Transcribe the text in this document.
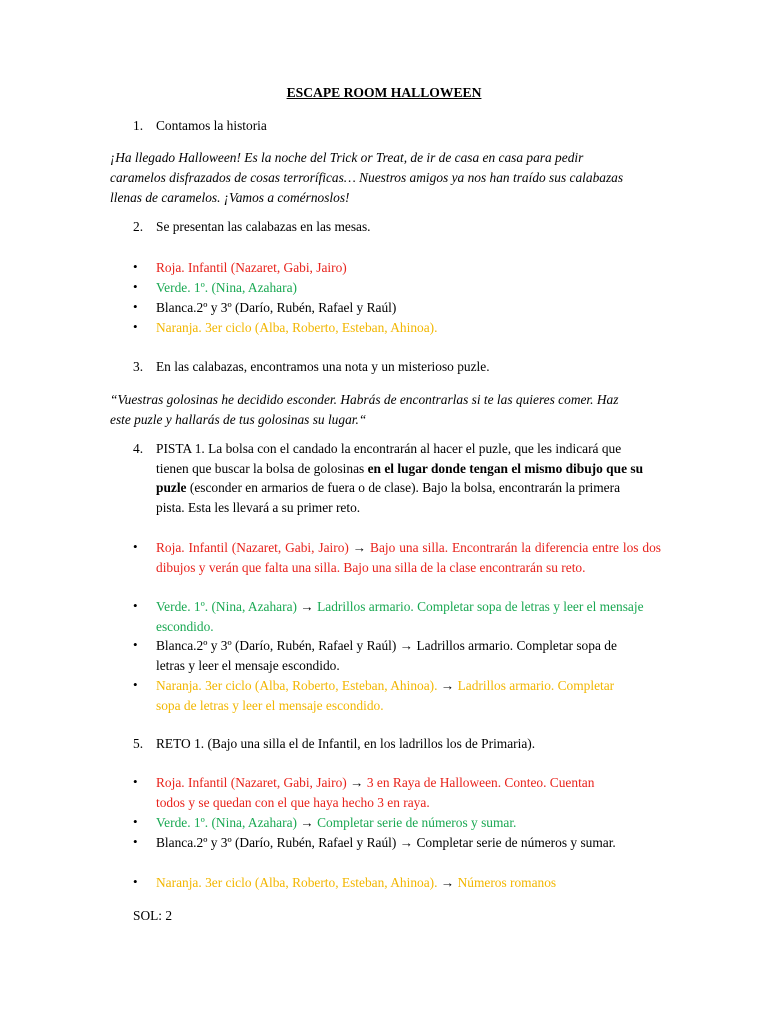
ESCAPE ROOM HALLOWEEN
1. Contamos la historia
¡Ha llegado Halloween! Es la noche del Trick or Treat, de ir de casa en casa para pedir caramelos disfrazados de cosas terroríficas… Nuestros amigos ya nos han traído sus calabazas llenas de caramelos. ¡Vamos a comérnoslos!
2. Se presentan las calabazas en las mesas.
• Roja. Infantil (Nazaret, Gabi, Jairo)
• Verde. 1º. (Nina, Azahara)
• Blanca.2º y 3º (Darío, Rubén, Rafael y Raúl)
• Naranja. 3er ciclo (Alba, Roberto, Esteban, Ahinoa).
3. En las calabazas, encontramos una nota y un misterioso puzle.
“Vuestras golosinas he decidido esconder. Habrás de encontrarlas si te las quieres comer. Haz este puzle y hallarás de tus golosinas su lugar.“
4. PISTA 1. La bolsa con el candado la encontrarán al hacer el puzle, que les indicará que tienen que buscar la bolsa de golosinas en el lugar donde tengan el mismo dibujo que su puzle (esconder en armarios de fuera o de clase). Bajo la bolsa, encontrarán la primera pista. Esta les llevará a su primer reto.
• Roja. Infantil (Nazaret, Gabi, Jairo) → Bajo una silla. Encontrarán la diferencia entre los dos dibujos y verán que falta una silla. Bajo una silla de la clase encontrarán su reto.
• Verde. 1º. (Nina, Azahara) → Ladrillos armario. Completar sopa de letras y leer el mensaje escondido.
• Blanca.2º y 3º (Darío, Rubén, Rafael y Raúl) → Ladrillos armario. Completar sopa de letras y leer el mensaje escondido.
• Naranja. 3er ciclo (Alba, Roberto, Esteban, Ahinoa). → Ladrillos armario. Completar sopa de letras y leer el mensaje escondido.
5. RETO 1. (Bajo una silla el de Infantil, en los ladrillos los de Primaria).
• Roja. Infantil (Nazaret, Gabi, Jairo) → 3 en Raya de Halloween. Conteo. Cuentan todos y se quedan con el que haya hecho 3 en raya.
• Verde. 1º. (Nina, Azahara) → Completar serie de números y sumar.
• Blanca.2º y 3º (Darío, Rubén, Rafael y Raúl) → Completar serie de números y sumar.
• Naranja. 3er ciclo (Alba, Roberto, Esteban, Ahinoa). → Números romanos
SOL: 2
